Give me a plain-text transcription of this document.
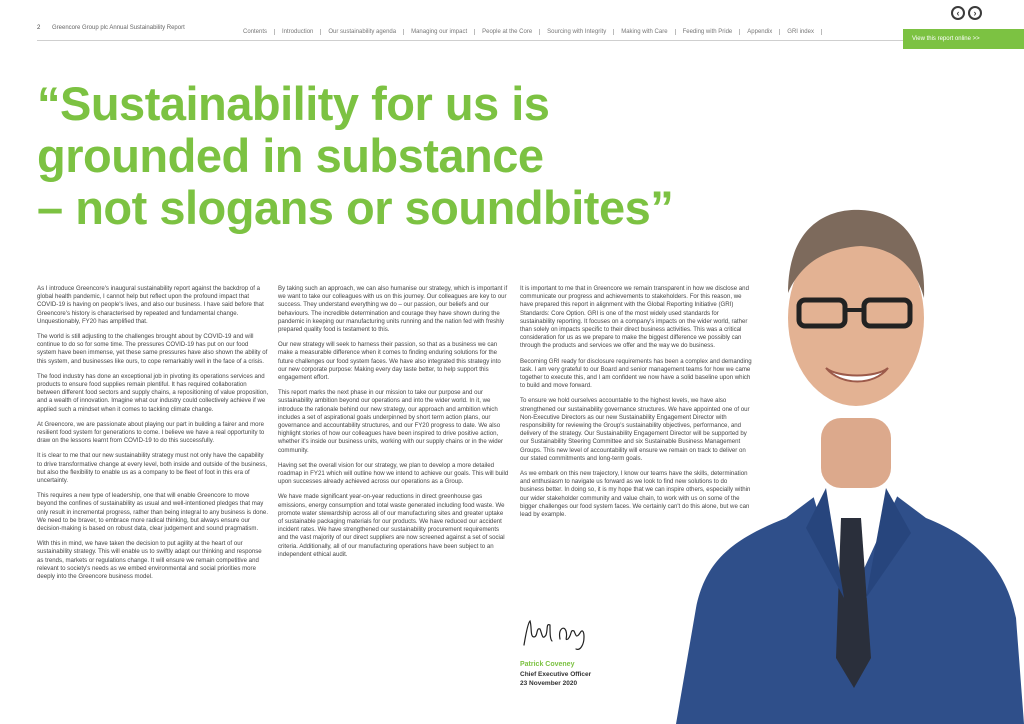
2 Greencore Group plc Annual Sustainability Report
‹	›
Contents	Introduction	Our sustainability agenda	Managing our impact	People at the Core	Sourcing with Integrity	Making with Care	Feeding with Pride	Appendix	GRI index
View this report online >>
“Sustainability for us is
grounded in substance
– not slogans or soundbites”

As I introduce Greencore's inaugural sustainability report against the backdrop of a global health pandemic, I cannot help but reflect upon the profound impact that COVID-19 is having on people's lives, and also our business. I have said before that Greencore's history is characterised by repeated and fundamental change. Unquestionably, FY20 has amplified that.

The world is still adjusting to the challenges brought about by COVID-19 and will continue to do so for some time. The pressures COVID-19 has put on our food system have been immense, yet these same pressures have also shown the ability of this system, and businesses like ours, to cope remarkably well in the face of a crisis.

The food industry has done an exceptional job in pivoting its operations services and products to ensure food supplies remain plentiful. It has required collaboration between different food sectors and supply chains, a repositioning of value proposition, and a wealth of innovation. Imagine what our industry could collectively achieve if we applied such a mindset when it comes to tackling climate change.

At Greencore, we are passionate about playing our part in building a fairer and more resilient food system for generations to come. I believe we have a real opportunity to draw on the lessons learnt from COVID-19 to do this successfully.

It is clear to me that our new sustainability strategy must not only have the capability to drive transformative change at every level, both inside and outside of the business, but also the flexibility to enable us as a company to be fleet of foot in this era of uncertainty.

This requires a new type of leadership, one that will enable Greencore to move beyond the confines of sustainability as usual and well-intentioned pledges that may only result in incremental progress, rather than being integral to any business is done. We need to be braver, to embrace more radical thinking, but always ensure our decision-making is based on robust data, clear judgement and sound pragmatism.

With this in mind, we have taken the decision to put agility at the heart of our sustainability strategy. This will enable us to swiftly adapt our thinking and response as trends, markets or regulations change. It will ensure we remain competitive and relevant to society's needs as we embed environmental and social priorities more deeply into the Greencore business model.

By taking such an approach, we can also humanise our strategy, which is important if we want to take our colleagues with us on this journey. Our colleagues are key to our success. They understand everything we do – our passion, our beliefs and our behaviours. The incredible determination and courage they have shown during the pandemic in keeping our manufacturing units running and the nation fed with freshly prepared quality food is testament to this.

Our new strategy will seek to harness their passion, so that as a business we can make a measurable difference when it comes to finding enduring solutions for the future challenges our food system faces. We have also integrated this strategy into our new corporate purpose: Making every day taste better, to help support this engagement effort.

This report marks the next phase in our mission to take our purpose and our sustainability ambition beyond our operations and into the wider world. In it, we introduce the rationale behind our new strategy, our approach and ambition which includes a set of aspirational goals underpinned by short term action plans, our governance and accountability structures, and our FY20 progress to date. We also highlight stories of how our colleagues have been inspired to drive positive action, whether it's inside our business units, working with our supply chains or in the wider community.

Having set the overall vision for our strategy, we plan to develop a more detailed roadmap in FY21 which will outline how we intend to achieve our goals. This will build upon successes already achieved across our operations as a Group.

We have made significant year-on-year reductions in direct greenhouse gas emissions, energy consumption and total waste generated including food waste. We promote water stewardship across all of our manufacturing sites and greater uptake of sustainable packaging materials for our products. We have reduced our accident incident rates. We have strengthened our sustainability procurement requirements and the vast majority of our direct suppliers are now screened against a set of social criteria. Additionally, all of our manufacturing operations have been subject to an independent ethical audit.

It is important to me that in Greencore we remain transparent in how we disclose and communicate our progress and achievements to stakeholders. For this reason, we have prepared this report in alignment with the Global Reporting Initiative (GRI) Standards: Core Option. GRI is one of the most widely used standards for sustainability reporting. It focuses on a company's impacts on the wider world, rather than solely on impacts specific to their direct business activities. This was a critical consideration for us as we prepare to make the biggest difference we possibly can through the products and services we offer and the way we do business.

Becoming GRI ready for disclosure requirements has been a complex and demanding task. I am very grateful to our Board and senior management teams for how we came together to execute this, and I am confident we now have a solid baseline upon which to build and move forward.

To ensure we hold ourselves accountable to the highest levels, we have also strengthened our sustainability governance structures. We have appointed one of our Non-Executive Directors as our new Sustainability Engagement Director with responsibility for reviewing the Group's sustainability objectives, performance, and delivery of the strategy. Our Sustainability Engagement Director will be supported by our Sustainability Steering Committee and six Sustainable Business Management Groups. This new level of accountability will ensure we remain on track to deliver on our stated commitments and long-term goals.

As we embark on this new trajectory, I know our teams have the skills, determination and enthusiasm to navigate us forward as we look to find new solutions to do business better. In doing so, it is my hope that we can inspire others, especially within our wider stakeholder community and value chain, to work with us on some of the bigger challenges our food system faces. We certainly can't do this alone, but we can lead by example.

Patrick Coveney
Chief Executive Officer
23 November 2020
